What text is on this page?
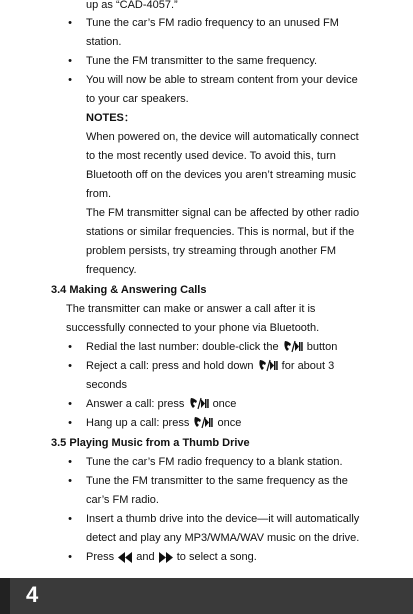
up as “CAD-4057.”
• Tune the car’s FM radio frequency to an unused FM
station.
• Tune the FM transmitter to the same frequency.
• You will now be able to stream content from your device
to your car speakers.
NOTES：
When powered on, the device will automatically connect
to the most recently used device. To avoid this, turn
Bluetooth off on the devices you aren’t streaming music
from.
The FM transmitter signal can be affected by other radio
stations or similar frequencies. This is normal, but if the
problem persists, try streaming through another FM
frequency.
3.4 Making & Answering Calls
The transmitter can make or answer a call after it is
successfully connected to your phone via Bluetooth.
• Redial the last number: double-click the	button
• Reject a call: press and hold down	for about 3
seconds
• Answer a call: press	once
• Hang up a call: press	once
3.5 Playing Music from a Thumb Drive
• Tune the car’s FM radio frequency to a blank station.
• Tune the FM transmitter to the same frequency as the
car’s FM radio.
• Insert a thumb drive into the device—it will automatically
detect and play any MP3/WMA/WAV music on the drive.
• Press and to select a song.
4
